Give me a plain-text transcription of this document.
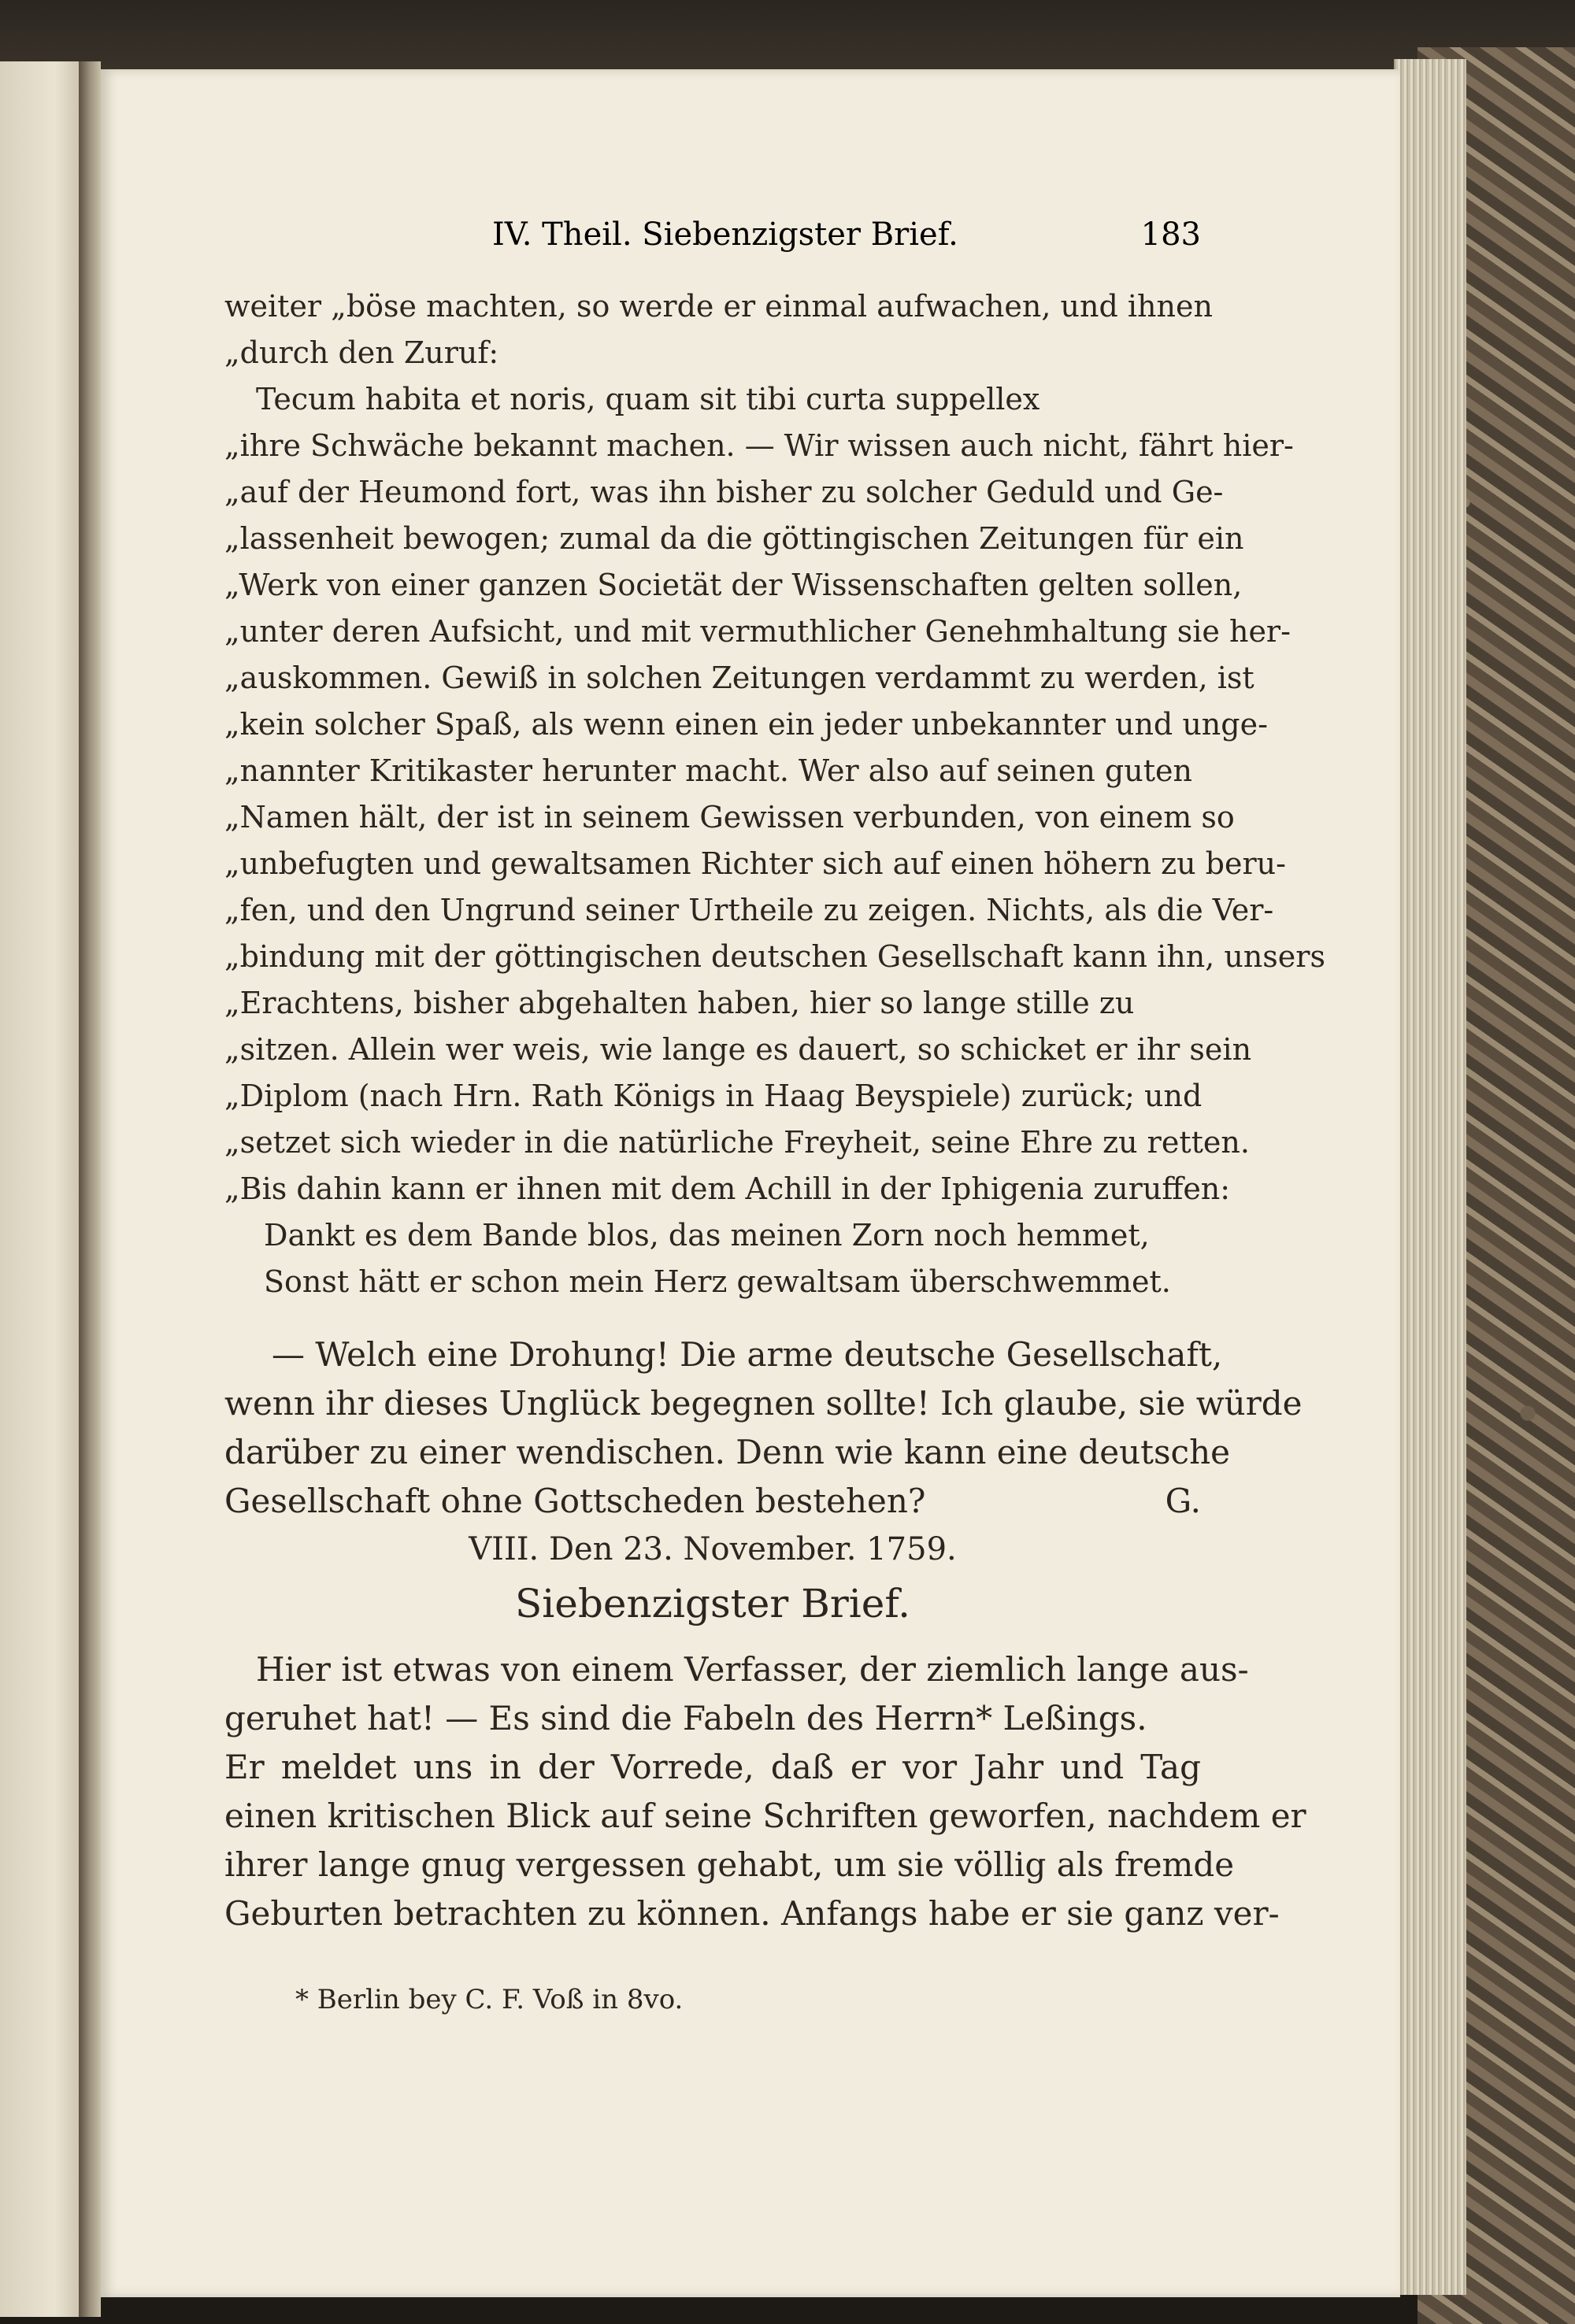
IV. Theil. Siebenzigster Brief.	183
weiter „böse machten, so werde er einmal aufwachen, und ihnen
„durch den Zuruf:
Tecum habita et noris, quam sit tibi curta suppellex
„ihre Schwäche bekannt machen. — Wir wissen auch nicht, fährt hier-
„auf der Heumond fort, was ihn bisher zu solcher Geduld und Ge-
„lassenheit bewogen; zumal da die göttingischen Zeitungen für ein
„Werk von einer ganzen Societät der Wissenschaften gelten sollen,
„unter deren Aufsicht, und mit vermuthlicher Genehmhaltung sie her-
„auskommen. Gewiß in solchen Zeitungen verdammt zu werden, ist
„kein solcher Spaß, als wenn einen ein jeder unbekannter und unge-
„nannter Kritikaster herunter macht. Wer also auf seinen guten
„Namen hält, der ist in seinem Gewissen verbunden, von einem so
„unbefugten und gewaltsamen Richter sich auf einen höhern zu beru-
„fen, und den Ungrund seiner Urtheile zu zeigen. Nichts, als die Ver-
„bindung mit der göttingischen deutschen Gesellschaft kann ihn, unsers
„Erachtens, bisher abgehalten haben, hier so lange stille zu
„sitzen. Allein wer weis, wie lange es dauert, so schicket er ihr sein
„Diplom (nach Hrn. Rath Königs in Haag Beyspiele) zurück; und
„setzet sich wieder in die natürliche Freyheit, seine Ehre zu retten.
„Bis dahin kann er ihnen mit dem Achill in der Iphigenia zuruffen:
Dankt es dem Bande blos, das meinen Zorn noch hemmet,
Sonst hätt er schon mein Herz gewaltsam überschwemmet.
— Welch eine Drohung! Die arme deutsche Gesellschaft,
wenn ihr dieses Unglück begegnen sollte! Ich glaube, sie würde
darüber zu einer wendischen. Denn wie kann eine deutsche
Gesellschaft ohne Gottscheden bestehen?	G.
VIII. Den 23. November. 1759.
Siebenzigster Brief.
Hier ist etwas von einem Verfasser, der ziemlich lange aus-
geruhet hat! — Es sind die Fabeln des Herrn* Leßings.
Er meldet uns in der Vorrede, daß er vor Jahr und Tag
einen kritischen Blick auf seine Schriften geworfen, nachdem er
ihrer lange gnug vergessen gehabt, um sie völlig als fremde
Geburten betrachten zu können. Anfangs habe er sie ganz ver-
* Berlin bey C. F. Voß in 8vo.
